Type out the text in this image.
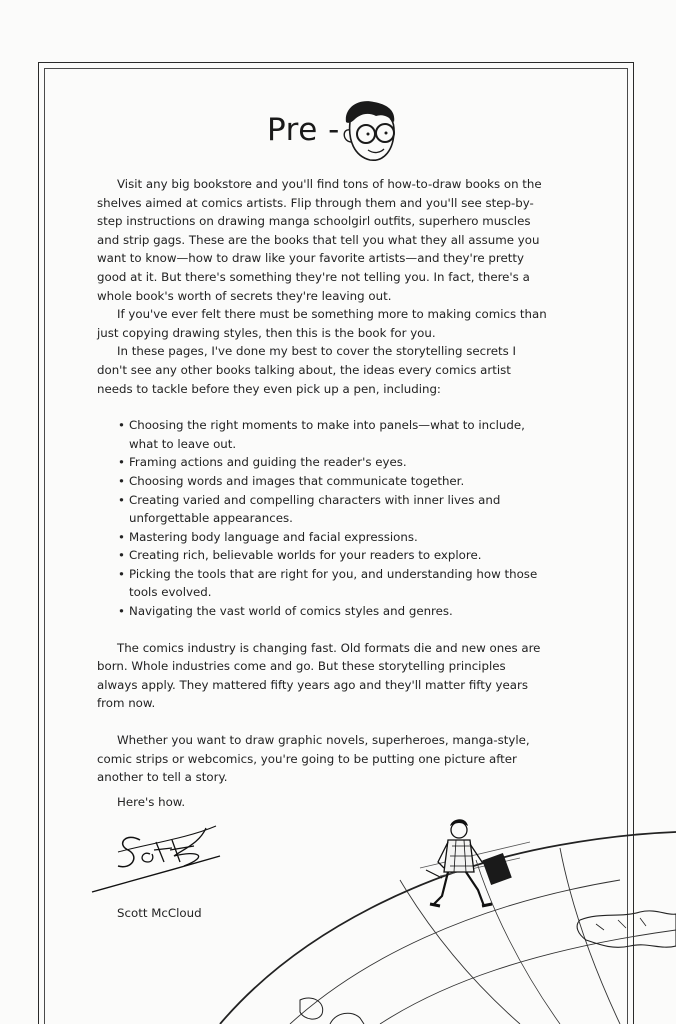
Pre -

Visit any big bookstore and you'll find tons of how-to-draw books on the shelves aimed at comics artists. Flip through them and you'll see step-by-step instructions on drawing manga schoolgirl outfits, superhero muscles and strip gags. These are the books that tell you what they all assume you want to know—how to draw like your favorite artists—and they're pretty good at it. But there's something they're not telling you. In fact, there's a whole book's worth of secrets they're leaving out.

If you've ever felt there must be something more to making comics than just copying drawing styles, then this is the book for you.

In these pages, I've done my best to cover the storytelling secrets I don't see any other books talking about, the ideas every comics artist needs to tackle before they even pick up a pen, including:

• Choosing the right moments to make into panels—what to include, what to leave out.
• Framing actions and guiding the reader's eyes.
• Choosing words and images that communicate together.
• Creating varied and compelling characters with inner lives and unforgettable appearances.
• Mastering body language and facial expressions.
• Creating rich, believable worlds for your readers to explore.
• Picking the tools that are right for you, and understanding how those tools evolved.
• Navigating the vast world of comics styles and genres.

The comics industry is changing fast. Old formats die and new ones are born. Whole industries come and go. But these storytelling principles always apply. They mattered fifty years ago and they'll matter fifty years from now.

Whether you want to draw graphic novels, superheroes, manga-style, comic strips or webcomics, you're going to be putting one picture after another to tell a story.

Here's how.
Scott McCloud
